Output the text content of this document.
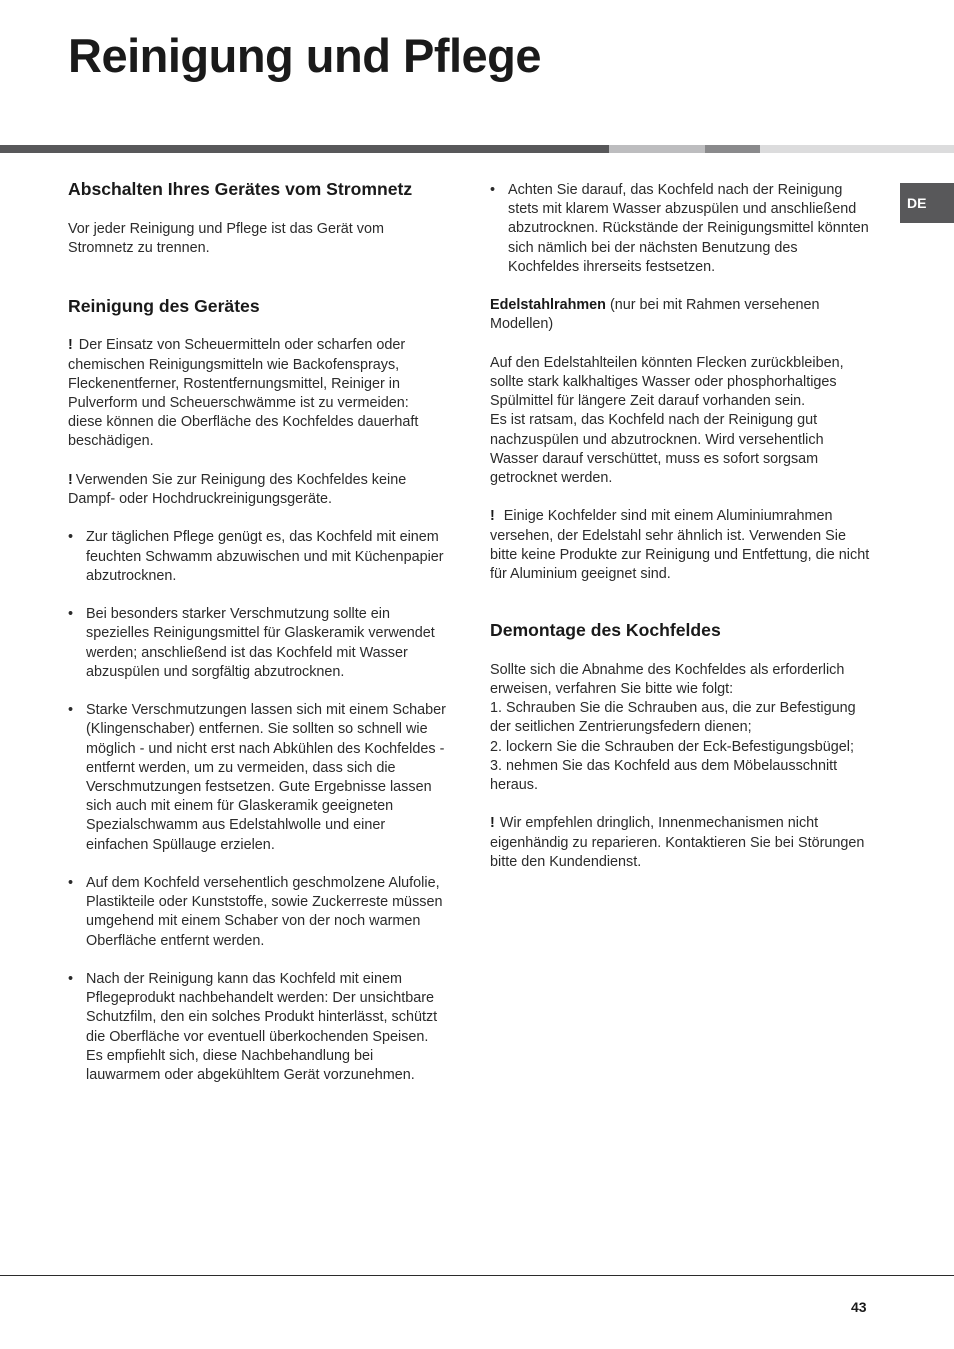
Reinigung und Pflege
DE
Abschalten Ihres Gerätes vom Stromnetz

Vor jeder Reinigung und Pflege ist das Gerät vom Stromnetz zu trennen.

Reinigung des Gerätes

! Der Einsatz von Scheuermitteln oder scharfen oder chemischen Reinigungsmitteln wie Backofensprays, Fleckenentferner, Rostentfernungsmittel, Reiniger in Pulverform und Scheuerschwämme ist zu vermeiden: diese können die Oberfläche des Kochfeldes dauerhaft beschädigen.

! Verwenden Sie zur Reinigung des Kochfeldes keine Dampf- oder Hochdruckreinigungsgeräte.

• Zur täglichen Pflege genügt es, das Kochfeld mit einem feuchten Schwamm abzuwischen und mit Küchenpapier abzutrocknen.
• Bei besonders starker Verschmutzung sollte ein spezielles Reinigungsmittel für Glaskeramik verwendet werden; anschließend ist das Kochfeld mit Wasser abzuspülen und sorgfältig abzutrocknen.
• Starke Verschmutzungen lassen sich mit einem Schaber (Klingenschaber) entfernen. Sie sollten so schnell wie möglich - und nicht erst nach Abkühlen des Kochfeldes - entfernt werden, um zu vermeiden, dass sich die Verschmutzungen festsetzen. Gute Ergebnisse lassen sich auch mit einem für Glaskeramik geeigneten Spezialschwamm aus Edelstahlwolle und einer einfachen Spüllauge erzielen.
• Auf dem Kochfeld versehentlich geschmolzene Alufolie, Plastikteile oder Kunststoffe, sowie Zuckerreste müssen umgehend mit einem Schaber von der noch warmen Oberfläche entfernt werden.
• Nach der Reinigung kann das Kochfeld mit einem Pflegeprodukt nachbehandelt werden: Der unsichtbare Schutzfilm, den ein solches Produkt hinterlässt, schützt die Oberfläche vor eventuell überkochenden Speisen. Es empfiehlt sich, diese Nachbehandlung bei lauwarmem oder abgekühltem Gerät vorzunehmen.
• Achten Sie darauf, das Kochfeld nach der Reinigung stets mit klarem Wasser abzuspülen und anschließend abzutrocknen. Rückstände der Reinigungsmittel könnten sich nämlich bei der nächsten Benutzung des Kochfeldes ihrerseits festsetzen.

Edelstahlrahmen (nur bei mit Rahmen versehenen Modellen)

Auf den Edelstahlteilen könnten Flecken zurückbleiben, sollte stark kalkhaltiges Wasser oder phosphorhaltiges Spülmittel für längere Zeit darauf vorhanden sein.

Es ist ratsam, das Kochfeld nach der Reinigung gut nachzuspülen und abzutrocknen. Wird versehentlich Wasser darauf verschüttet, muss es sofort sorgsam getrocknet werden.

! Einige Kochfelder sind mit einem Aluminiumrahmen versehen, der Edelstahl sehr ähnlich ist. Verwenden Sie bitte keine Produkte zur Reinigung und Entfettung, die nicht für Aluminium geeignet sind.

Demontage des Kochfeldes

Sollte sich die Abnahme des Kochfeldes als erforderlich erweisen, verfahren Sie bitte wie folgt:

1. Schrauben Sie die Schrauben aus, die zur Befestigung der seitlichen Zentrierungsfedern dienen;

2. lockern Sie die Schrauben der Eck-Befestigungsbügel;

3. nehmen Sie das Kochfeld aus dem Möbelausschnitt heraus.

! Wir empfehlen dringlich, Innenmechanismen nicht eigenhändig zu reparieren. Kontaktieren Sie bei Störungen bitte den Kundendienst.

43
